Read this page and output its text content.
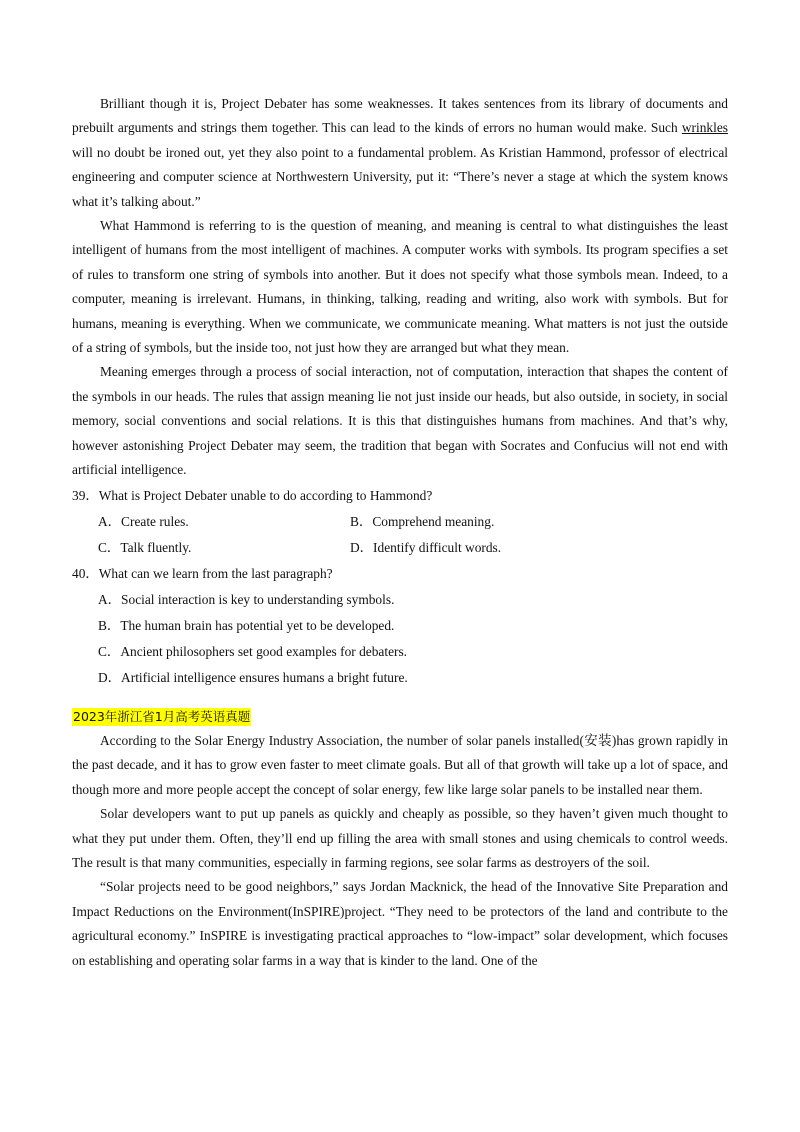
Brilliant though it is, Project Debater has some weaknesses. It takes sentences from its library of documents and prebuilt arguments and strings them together. This can lead to the kinds of errors no human would make. Such wrinkles will no doubt be ironed out, yet they also point to a fundamental problem. As Kristian Hammond, professor of electrical engineering and computer science at Northwestern University, put it: “There’s never a stage at which the system knows what it’s talking about.”

What Hammond is referring to is the question of meaning, and meaning is central to what distinguishes the least intelligent of humans from the most intelligent of machines. A computer works with symbols. Its program specifies a set of rules to transform one string of symbols into another. But it does not specify what those symbols mean. Indeed, to a computer, meaning is irrelevant. Humans, in thinking, talking, reading and writing, also work with symbols. But for humans, meaning is everything. When we communicate, we communicate meaning. What matters is not just the outside of a string of symbols, but the inside too, not just how they are arranged but what they mean.

Meaning emerges through a process of social interaction, not of computation, interaction that shapes the content of the symbols in our heads. The rules that assign meaning lie not just inside our heads, but also outside, in society, in social memory, social conventions and social relations. It is this that distinguishes humans from machines. And that’s why, however astonishing Project Debater may seem, the tradition that began with Socrates and Confucius will not end with artificial intelligence.

39．What is Project Debater unable to do according to Hammond?

A．Create rules.	B．Comprehend meaning.
C．Talk fluently.	D．Identify difficult words.

40．What can we learn from the last paragraph?

A．Social interaction is key to understanding symbols.
B．The human brain has potential yet to be developed.
C．Ancient philosophers set good examples for debaters.
D．Artificial intelligence ensures humans a bright future.
2023年浙江省1月高考英语真题

According to the Solar Energy Industry Association, the number of solar panels installed(安装)has grown rapidly in the past decade, and it has to grow even faster to meet climate goals. But all of that growth will take up a lot of space, and though more and more people accept the concept of solar energy, few like large solar panels to be installed near them.

Solar developers want to put up panels as quickly and cheaply as possible, so they haven’t given much thought to what they put under them. Often, they’ll end up filling the area with small stones and using chemicals to control weeds. The result is that many communities, especially in farming regions, see solar farms as destroyers of the soil.

“Solar projects need to be good neighbors,” says Jordan Macknick, the head of the Innovative Site Preparation and Impact Reductions on the Environment(InSPIRE)project. “They need to be protectors of the land and contribute to the agricultural economy.” InSPIRE is investigating practical approaches to “low-impact” solar development, which focuses on establishing and operating solar farms in a way that is kinder to the land. One of the
